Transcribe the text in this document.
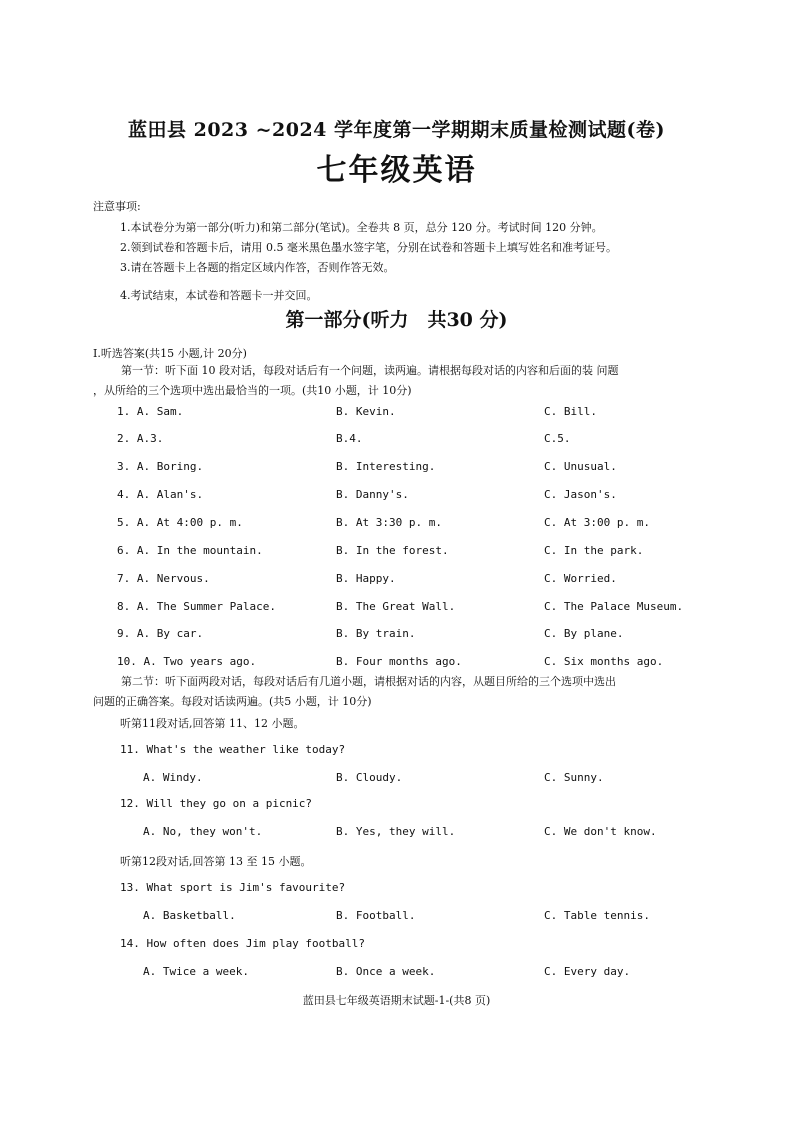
蓝田县 2023 ~2024 学年度第一学期期末质量检测试题(卷)
七年级英语
注意事项:
1.本试卷分为第一部分(听力)和第二部分(笔试)。全卷共 8 页，总分 120 分。考试时间 120 分钟。
2.领到试卷和答题卡后，请用 0.5 毫米黑色墨水签字笔，分别在试卷和答题卡上填写姓名和准考证号。
3.请在答题卡上各题的指定区域内作答，否则作答无效。
4.考试结束，本试卷和答题卡一并交回。
第一部分(听力　共30 分)
Ⅰ.听选答案(共15 小题,计 20分)
第一节：听下面 10 段对话，每段对话后有一个问题，读两遍。请根据每段对话的内容和后面的装 问题
，从所给的三个选项中选出最恰当的一项。(共10 小题，计 10分)
1. A. Sam.	B. Kevin.	C. Bill.
2. A.3.	B.4.	C.5.
3. A. Boring.	B. Interesting.	C. Unusual.
4. A. Alan's.	B. Danny's.	C. Jason's.
5. A. At 4:00 p. m.	B. At 3:30 p. m.	C. At 3:00 p. m.
6. A. In the mountain.	B. In the forest.	C. In the park.
7. A. Nervous.	B. Happy.	C. Worried.
8. A. The Summer Palace.	B. The Great Wall.	C. The Palace Museum.
9. A. By car.	B. By train.	C. By plane.
10. A. Two years ago.	B. Four months ago.	C. Six months ago.
第二节：听下面两段对话，每段对话后有几道小题，请根据对话的内容，从题目所给的三个选项中选出
问题的正确答案。每段对话读两遍。(共5 小题，计 10分)
听第11段对话,回答第 11、12 小题。
11. What's the weather like today?
A. Windy.	B. Cloudy.	C. Sunny.
12. Will they go on a picnic?
A. No, they won't.	B. Yes, they will.	C. We don't know.
听第12段对话,回答第 13 至 15 小题。
13. What sport is Jim's favourite?
A. Basketball.	B. Football.	C. Table tennis.
14. How often does Jim play football?
A. Twice a week.	B. Once a week.	C. Every day.
蓝田县七年级英语期末试题-1-(共8 页)
